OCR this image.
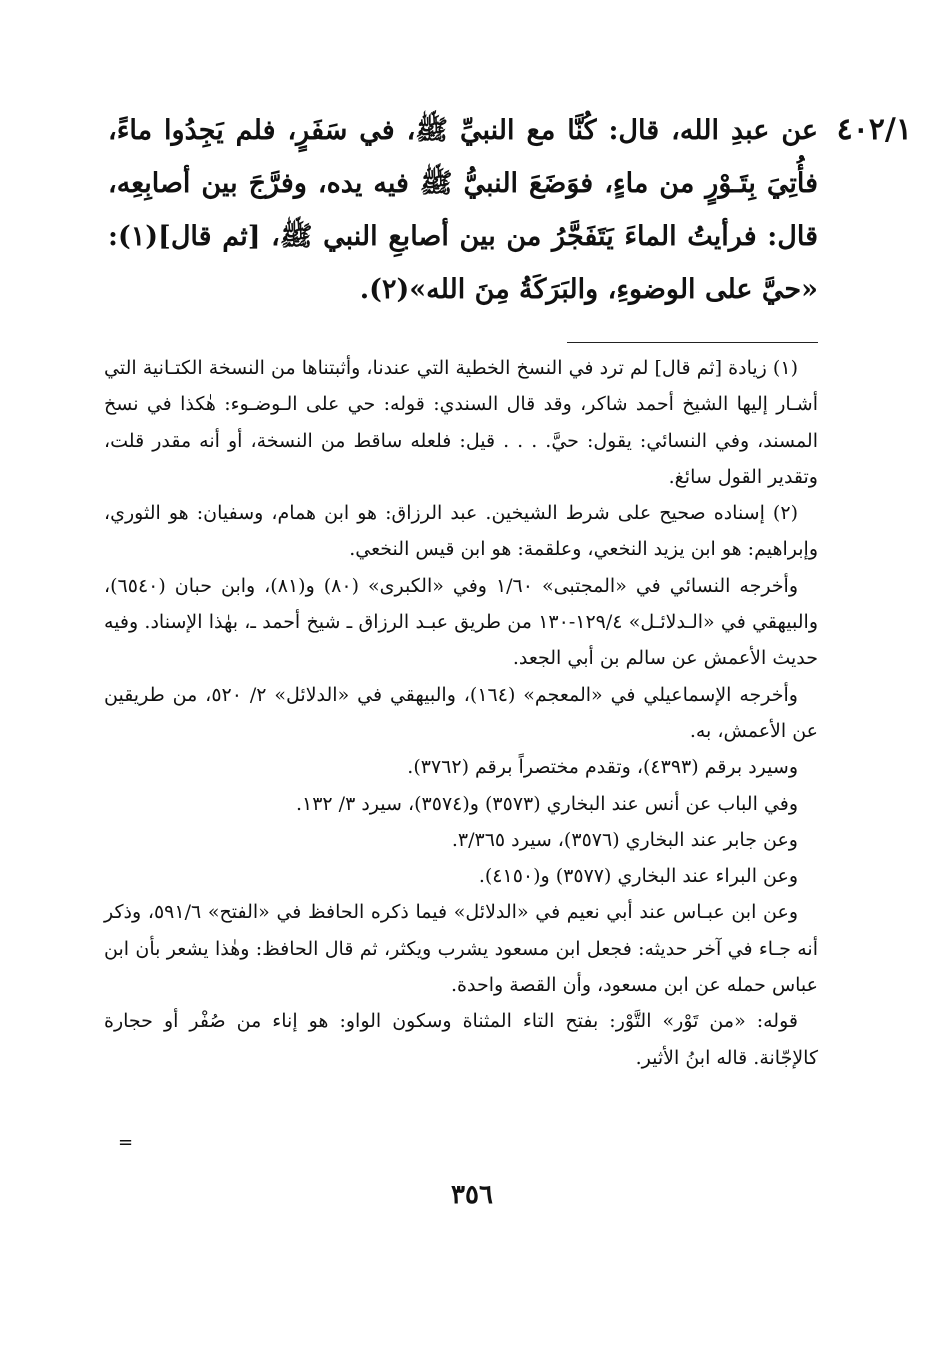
٤٠٢/١
عن عبدِ الله، قال: كُنَّا مع النبيِّ ﷺ، في سَفَرٍ، فلم يَجِدُوا ماءً، فأُتِيَ بِتَـوْرٍ من ماءٍ، فوَضَعَ النبيُّ ﷺ فيه يده، وفرَّجَ بين أصابِعِه، قال: فرأيتُ الماءَ يَتَفَجَّرُ من بين أصابعِ النبي ﷺ، [ثم قال](١): «حيَّ على الوضوءِ، والبَرَكَةُ مِنَ الله»(٢).

(١) زيادة [ثم قال] لم ترد في النسخ الخطية التي عندنا، وأثبتناها من النسخة الكتـانية التي أشـار إليها الشيخ أحمد شاكر، وقد قال السندي: قوله: حي على الـوضـوء: هٰكذا في نسخ المسند، وفي النسائي: يقول: حيَّ. . . . قيل: فلعله ساقط من النسخة، أو أنه مقدر قلت، وتقدير القول سائغ.

(٢) إسناده صحيح على شرط الشيخين. عبد الرزاق: هو ابن همام، وسفيان: هو الثوري، وإبراهيم: هو ابن يزيد النخعي، وعلقمة: هو ابن قيس النخعي.

وأخرجه النسائي في «المجتبى» ١/٦٠ وفي «الكبرى» (٨٠) و(٨١)، وابن حبان (٦٥٤٠)، والبيهقي في «الـدلائـل» ١٢٩/٤-١٣٠ من طريق عبـد الرزاق ـ شيخ أحمد ـ، بهٰذا الإسناد. وفيه حديث الأعمش عن سالم بن أبي الجعد.

وأخرجه الإسماعيلي في «المعجم» (١٦٤)، والبيهقي في «الدلائل» ٢/ ٥٢٠، من طريقين عن الأعمش، به.

وسيرد برقم (٤٣٩٣)، وتقدم مختصراً برقم (٣٧٦٢).

وفي الباب عن أنس عند البخاري (٣٥٧٣) و(٣٥٧٤)، سيرد ٣/ ١٣٢.

وعن جابر عند البخاري (٣٥٧٦)، سيرد ٣/٣٦٥.

وعن البراء عند البخاري (٣٥٧٧) و(٤١٥٠).

وعن ابن عبـاس عند أبي نعيم في «الدلائل» فيما ذكره الحافظ في «الفتح» ٥٩١/٦، وذكر أنه جـاء في آخر حديثه: فجعل ابن مسعود يشرب ويكثر، ثم قال الحافظ: وهٰذا يشعر بأن ابن عباس حمله عن ابن مسعود، وأن القصة واحدة.

قوله: «من تَوْر» التَّوْر: بفتح التاء المثناة وسكون الواو: هو إناء من صُفْر أو حجارة كالإجّانة. قاله ابنُ الأثير.

=
٣٥٦
